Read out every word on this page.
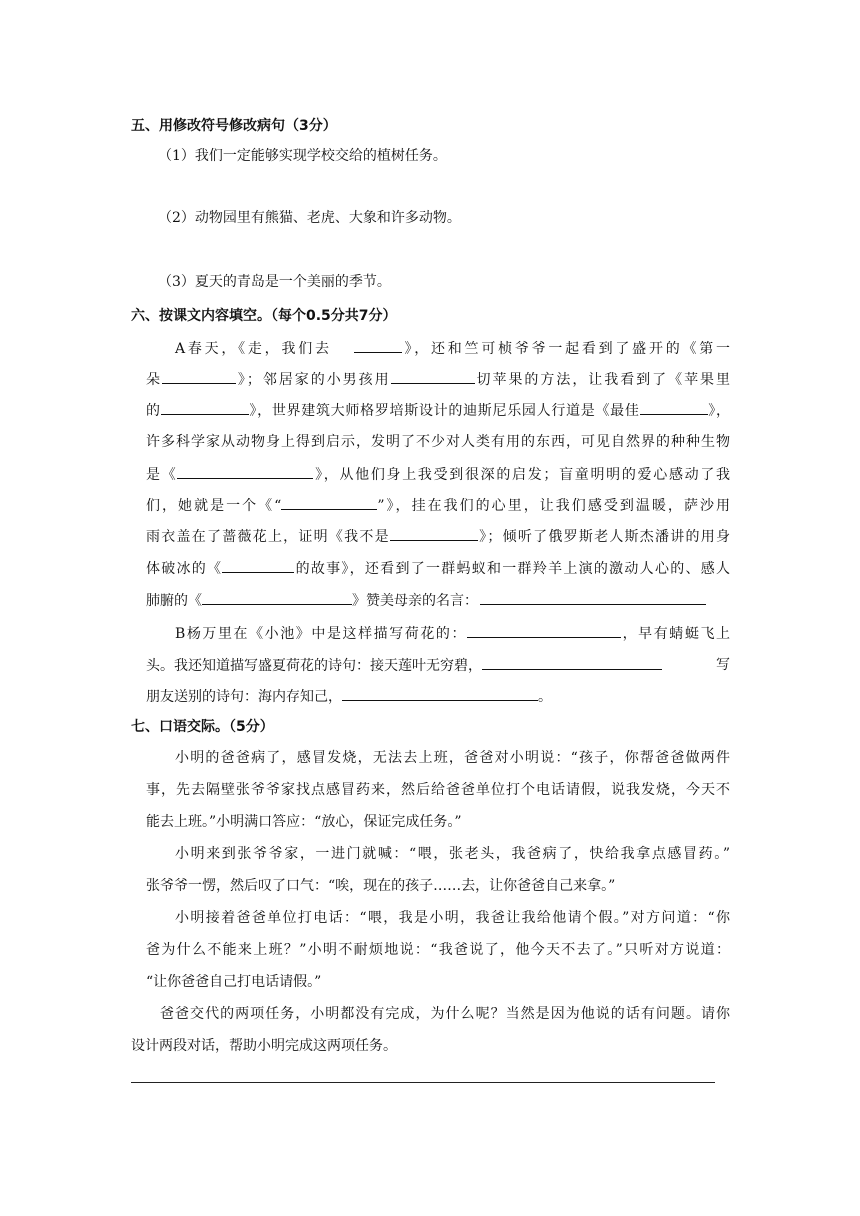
五、用修改符号修改病句（3分）
（1）我们一定能够实现学校交给的植树任务。
（2）动物园里有熊猫、老虎、大象和许多动物。
（3）夏天的青岛是一个美丽的季节。
六、按课文内容填空。（每个0.5分共7分）
A春天，《走，我们去	》，还和竺可桢爷爷一起看到了盛开的《第一
朵	》；邻居家的小男孩用	切苹果的方法，让我看到了《苹果里
的	》，世界建筑大师格罗培斯设计的迪斯尼乐园人行道是《最佳	》，
许多科学家从动物身上得到启示，发明了不少对人类有用的东西，可见自然界的种种生物
是《	》，从他们身上我受到很深的启发；盲童明明的爱心感动了我
们，她就是一个《“	”》，挂在我们的心里，让我们感受到温暖，萨沙用
雨衣盖在了蔷薇花上，证明《我不是	》；倾听了俄罗斯老人斯杰潘讲的用身
体破冰的《	的故事》，还看到了一群蚂蚁和一群羚羊上演的激动人心的、感人
肺腑的《	》赞美母亲的名言：
B杨万里在《小池》中是这样描写荷花的：	，早有蜻蜓飞上
头。我还知道描写盛夏荷花的诗句：接天莲叶无穷碧，	写
朋友送别的诗句：海内存知己，	。
七、口语交际。（5分）
小明的爸爸病了，感冒发烧，无法去上班，爸爸对小明说：“孩子，你帮爸爸做两件
事，先去隔壁张爷爷家找点感冒药来，然后给爸爸单位打个电话请假，说我发烧，今天不
能去上班。”小明满口答应：“放心，保证完成任务。”
小明来到张爷爷家，一进门就喊：“喂，张老头，我爸病了，快给我拿点感冒药。”
张爷爷一愣，然后叹了口气：“唉，现在的孩子……去，让你爸爸自己来拿。”
小明接着爸爸单位打电话：“喂，我是小明，我爸让我给他请个假。”对方问道：“你
爸为什么不能来上班？”小明不耐烦地说：“我爸说了，他今天不去了。”只听对方说道：
“让你爸爸自己打电话请假。”
爸爸交代的两项任务，小明都没有完成，为什么呢？当然是因为他说的话有问题。请你
设计两段对话，帮助小明完成这两项任务。
